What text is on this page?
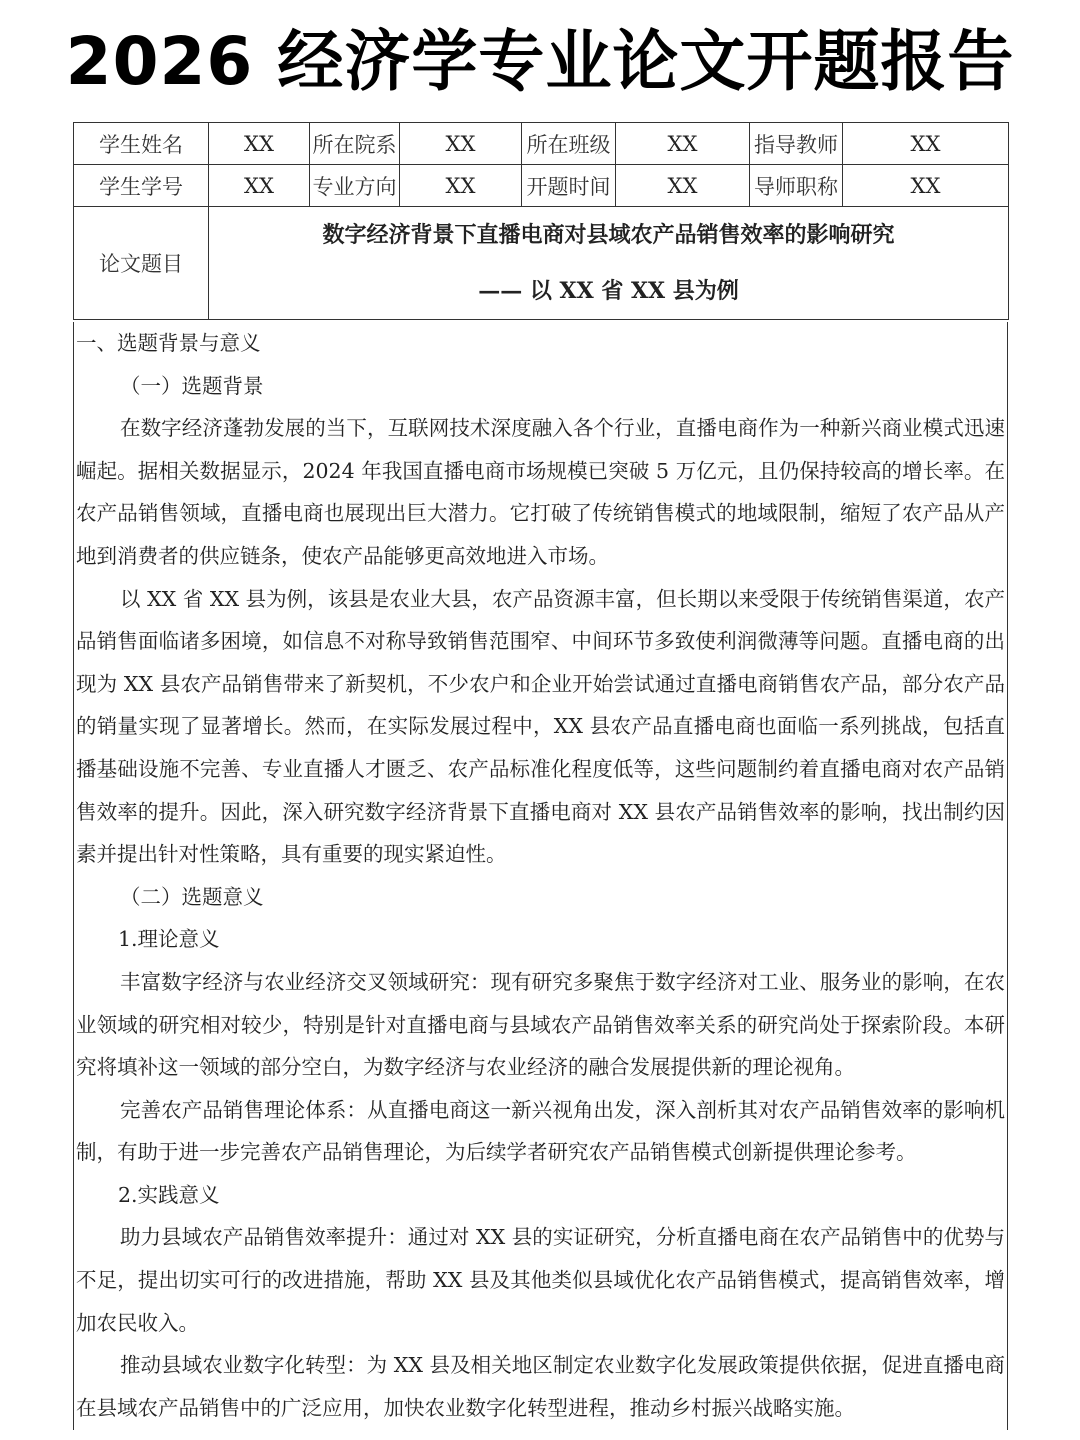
2026 经济学专业论文开题报告
学生姓名	XX	所在院系	XX	所在班级	XX	指导教师	XX
学生学号	XX	专业方向	XX	开题时间	XX	导师职称	XX
论文题目	数字经济背景下直播电商对县域农产品销售效率的影响研究
—— 以 XX 省 XX 县为例						

一、选题背景与意义

（一）选题背景

在数字经济蓬勃发展的当下，互联网技术深度融入各个行业，直播电商作为一种新兴商业模式迅速崛起。据相关数据显示，2024 年我国直播电商市场规模已突破 5 万亿元，且仍保持较高的增长率。在农产品销售领域，直播电商也展现出巨大潜力。它打破了传统销售模式的地域限制，缩短了农产品从产地到消费者的供应链条，使农产品能够更高效地进入市场。

以 XX 省 XX 县为例，该县是农业大县，农产品资源丰富，但长期以来受限于传统销售渠道，农产品销售面临诸多困境，如信息不对称导致销售范围窄、中间环节多致使利润微薄等问题。直播电商的出现为 XX 县农产品销售带来了新契机，不少农户和企业开始尝试通过直播电商销售农产品，部分农产品的销量实现了显著增长。然而，在实际发展过程中，XX 县农产品直播电商也面临一系列挑战，包括直播基础设施不完善、专业直播人才匮乏、农产品标准化程度低等，这些问题制约着直播电商对农产品销售效率的提升。因此，深入研究数字经济背景下直播电商对 XX 县农产品销售效率的影响，找出制约因素并提出针对性策略，具有重要的现实紧迫性。

（二）选题意义

1.理论意义

丰富数字经济与农业经济交叉领域研究：现有研究多聚焦于数字经济对工业、服务业的影响，在农业领域的研究相对较少，特别是针对直播电商与县域农产品销售效率关系的研究尚处于探索阶段。本研究将填补这一领域的部分空白，为数字经济与农业经济的融合发展提供新的理论视角。

完善农产品销售理论体系：从直播电商这一新兴视角出发，深入剖析其对农产品销售效率的影响机制，有助于进一步完善农产品销售理论，为后续学者研究农产品销售模式创新提供理论参考。

2.实践意义

助力县域农产品销售效率提升：通过对 XX 县的实证研究，分析直播电商在农产品销售中的优势与不足，提出切实可行的改进措施，帮助 XX 县及其他类似县域优化农产品销售模式，提高销售效率，增加农民收入。

推动县域农业数字化转型：为 XX 县及相关地区制定农业数字化发展政策提供依据，促进直播电商在县域农产品销售中的广泛应用，加快农业数字化转型进程，推动乡村振兴战略实施。
